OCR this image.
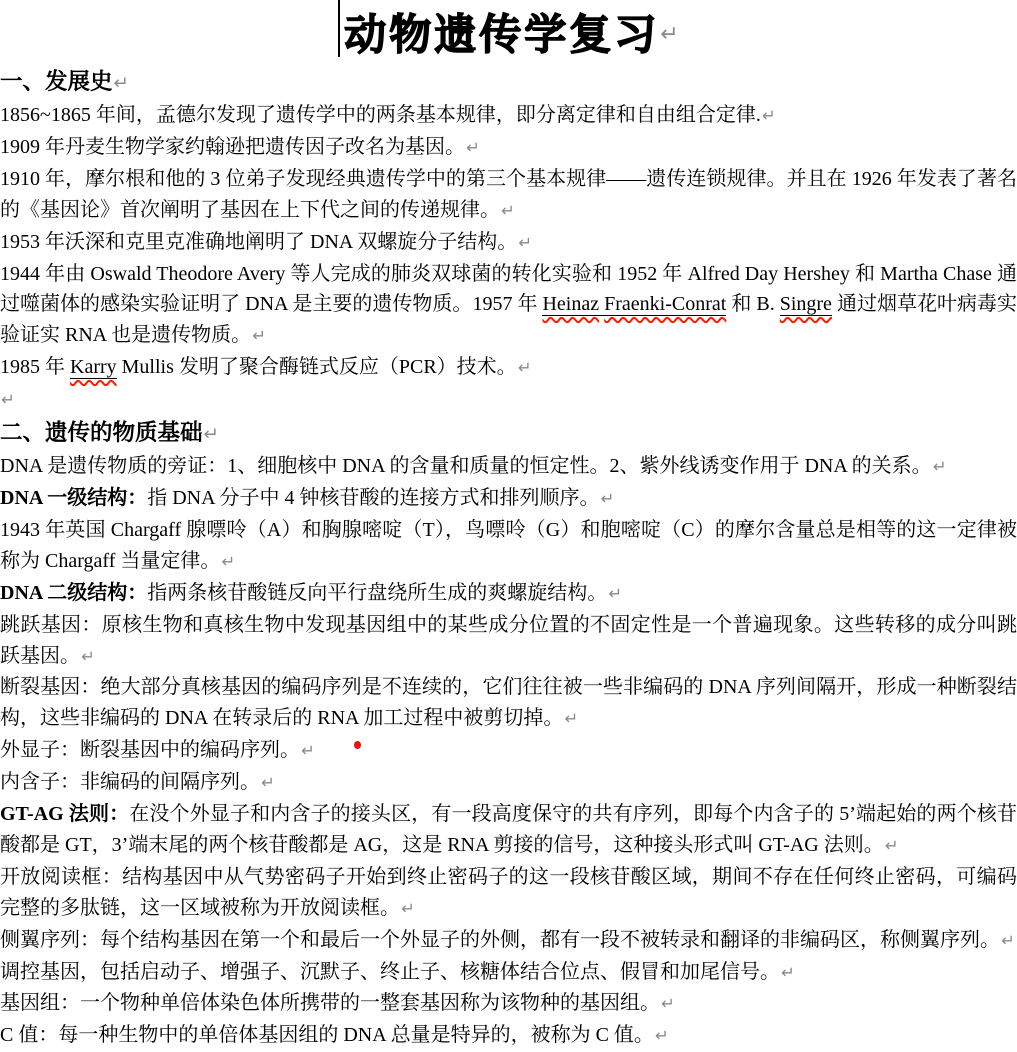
动物遗传学复习↵

一、发展史↵

1856~1865 年间，孟德尔发现了遗传学中的两条基本规律，即分离定律和自由组合定律.↵

1909 年丹麦生物学家约翰逊把遗传因子改名为基因。↵

1910 年，摩尔根和他的 3 位弟子发现经典遗传学中的第三个基本规律——遗传连锁规律。并且在 1926 年发表了著名的《基因论》首次阐明了基因在上下代之间的传递规律。↵

1953 年沃深和克里克准确地阐明了 DNA 双螺旋分子结构。↵

1944 年由 Oswald Theodore Avery 等人完成的肺炎双球菌的转化实验和 1952 年 Alfred Day Hershey 和 Martha Chase 通过噬菌体的感染实验证明了 DNA 是主要的遗传物质。1957 年 Heinaz Fraenki-Conrat 和 B. Singre 通过烟草花叶病毒实验证实 RNA 也是遗传物质。↵

1985 年 Karry Mullis 发明了聚合酶链式反应（PCR）技术。↵

↵

二、遗传的物质基础↵

DNA 是遗传物质的旁证：1、细胞核中 DNA 的含量和质量的恒定性。2、紫外线诱变作用于 DNA 的关系。↵

DNA 一级结构：指 DNA 分子中 4 钟核苷酸的连接方式和排列顺序。↵

1943 年英国 Chargaff 腺嘌呤（A）和胸腺嘧啶（T），鸟嘌呤（G）和胞嘧啶（C）的摩尔含量总是相等的这一定律被称为 Chargaff 当量定律。↵

DNA 二级结构：指两条核苷酸链反向平行盘绕所生成的爽螺旋结构。↵

跳跃基因：原核生物和真核生物中发现基因组中的某些成分位置的不固定性是一个普遍现象。这些转移的成分叫跳跃基因。↵

断裂基因：绝大部分真核基因的编码序列是不连续的，它们往往被一些非编码的 DNA 序列间隔开，形成一种断裂结构，这些非编码的 DNA 在转录后的 RNA 加工过程中被剪切掉。↵

外显子：断裂基因中的编码序列。↵

内含子：非编码的间隔序列。↵

GT-AG 法则：在没个外显子和内含子的接头区，有一段高度保守的共有序列，即每个内含子的 5’端起始的两个核苷酸都是 GT，3’端末尾的两个核苷酸都是 AG，这是 RNA 剪接的信号，这种接头形式叫 GT-AG 法则。↵

开放阅读框：结构基因中从气势密码子开始到终止密码子的这一段核苷酸区域，期间不存在任何终止密码，可编码完整的多肽链，这一区域被称为开放阅读框。↵

侧翼序列：每个结构基因在第一个和最后一个外显子的外侧，都有一段不被转录和翻译的非编码区，称侧翼序列。↵

调控基因，包括启动子、增强子、沉默子、终止子、核糖体结合位点、假冒和加尾信号。↵

基因组：一个物种单倍体染色体所携带的一整套基因称为该物种的基因组。↵

C 值：每一种生物中的单倍体基因组的 DNA 总量是特异的，被称为 C 值。↵
